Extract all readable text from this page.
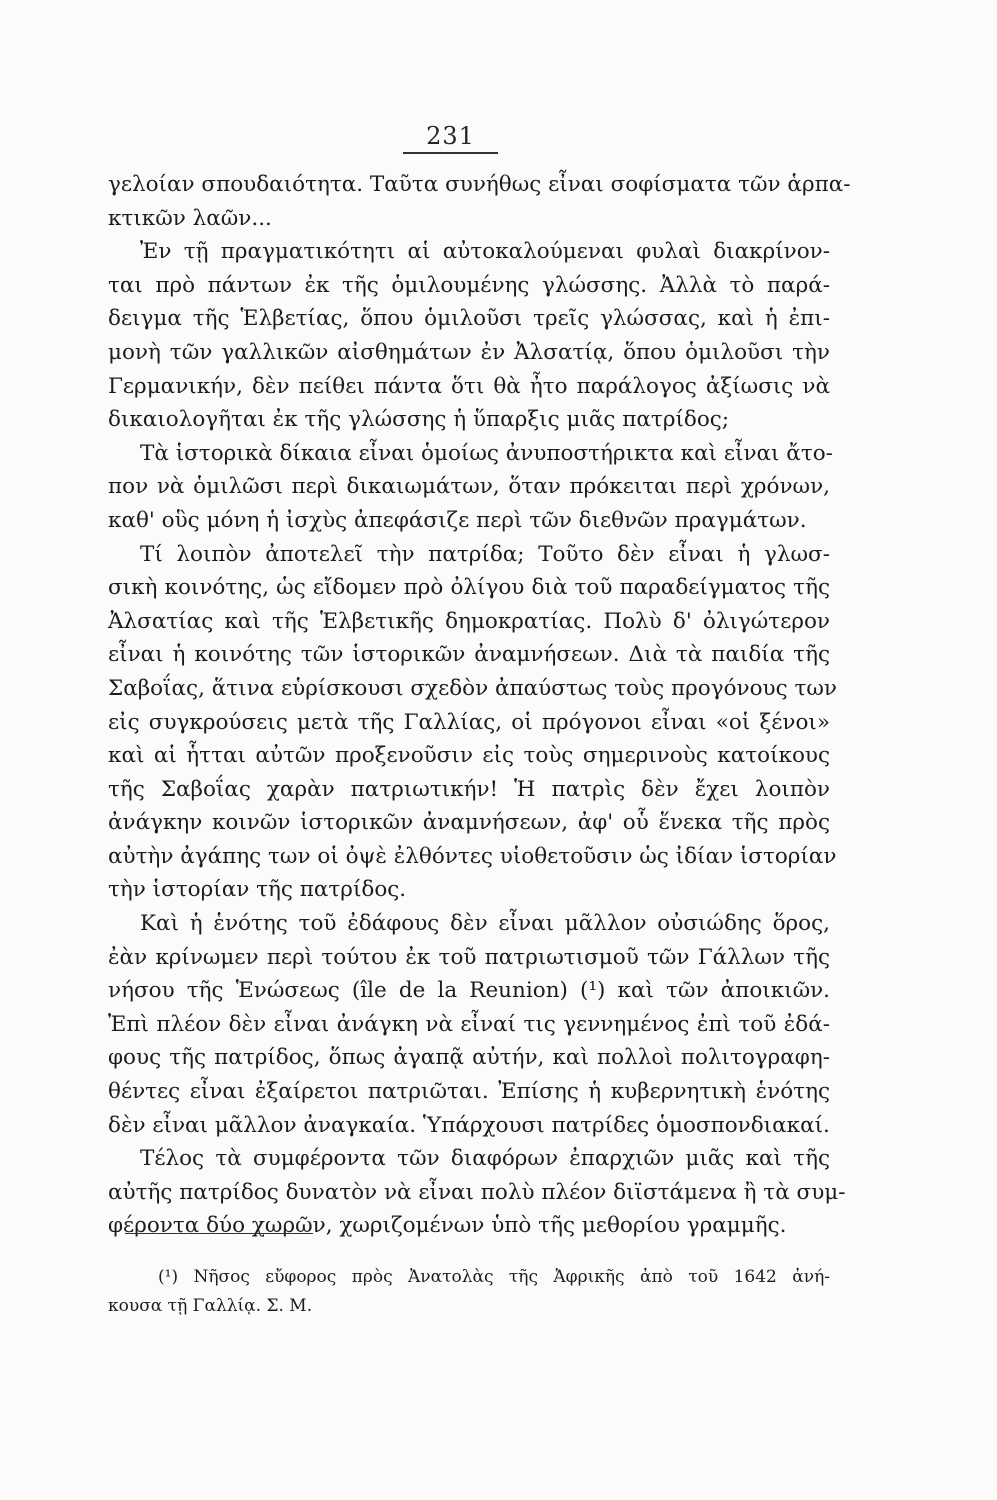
231
γελοίαν σπουδαιότητα. Ταῦτα συνήθως εἶναι σοφίσματα τῶν ἁρπα-
κτικῶν λαῶν...
Ἐν τῇ πραγματικότητι αἱ αὐτοκαλούμεναι φυλαὶ διακρίνον-
ται πρὸ πάντων ἐκ τῆς ὁμιλουμένης γλώσσης. Ἀλλὰ τὸ παρά-
δειγμα τῆς Ἑλβετίας, ὅπου ὁμιλοῦσι τρεῖς γλώσσας, καὶ ἡ ἐπι-
μονὴ τῶν γαλλικῶν αἰσθημάτων ἐν Ἀλσατίᾳ, ὅπου ὁμιλοῦσι τὴν
Γερμανικήν, δὲν πείθει πάντα ὅτι θὰ ἦτο παράλογος ἀξίωσις νὰ
δικαιολογῆται ἐκ τῆς γλώσσης ἡ ὕπαρξις μιᾶς πατρίδος;
Τὰ ἱστορικὰ δίκαια εἶναι ὁμοίως ἀνυποστήρικτα καὶ εἶναι ἄτο-
πον νὰ ὁμιλῶσι περὶ δικαιωμάτων, ὅταν πρόκειται περὶ χρόνων,
καθ' οὓς μόνη ἡ ἰσχὺς ἀπεφάσιζε περὶ τῶν διεθνῶν πραγμάτων.
Τί λοιπὸν ἀποτελεῖ τὴν πατρίδα; Τοῦτο δὲν εἶναι ἡ γλωσ-
σικὴ κοινότης, ὡς εἴδομεν πρὸ ὀλίγου διὰ τοῦ παραδείγματος τῆς
Ἀλσατίας καὶ τῆς Ἑλβετικῆς δημοκρατίας. Πολὺ δ' ὀλιγώτερον
εἶναι ἡ κοινότης τῶν ἱστορικῶν ἀναμνήσεων. Διὰ τὰ παιδία τῆς
Σαβοΐας, ἅτινα εὑρίσκουσι σχεδὸν ἀπαύστως τοὺς προγόνους των
εἰς συγκρούσεις μετὰ τῆς Γαλλίας, οἱ πρόγονοι εἶναι «οἱ ξένοι»
καὶ αἱ ἧτται αὐτῶν προξενοῦσιν εἰς τοὺς σημερινοὺς κατοίκους
τῆς Σαβοΐας χαρὰν πατριωτικήν! Ἡ πατρὶς δὲν ἔχει λοιπὸν
ἀνάγκην κοινῶν ἱστορικῶν ἀναμνήσεων, ἀφ' οὗ ἕνεκα τῆς πρὸς
αὐτὴν ἀγάπης των οἱ ὀψὲ ἐλθόντες υἱοθετοῦσιν ὡς ἰδίαν ἱστορίαν
τὴν ἱστορίαν τῆς πατρίδος.
Καὶ ἡ ἑνότης τοῦ ἐδάφους δὲν εἶναι μᾶλλον οὐσιώδης ὅρος,
ἐὰν κρίνωμεν περὶ τούτου ἐκ τοῦ πατριωτισμοῦ τῶν Γάλλων τῆς
νήσου τῆς Ἑνώσεως (île de la Reunion) (¹) καὶ τῶν ἀποικιῶν.
Ἐπὶ πλέον δὲν εἶναι ἀνάγκη νὰ εἶναί τις γεννημένος ἐπὶ τοῦ ἐδά-
φους τῆς πατρίδος, ὅπως ἀγαπᾷ αὐτήν, καὶ πολλοὶ πολιτογραφη-
θέντες εἶναι ἐξαίρετοι πατριῶται. Ἐπίσης ἡ κυβερνητικὴ ἑνότης
δὲν εἶναι μᾶλλον ἀναγκαία. Ὑπάρχουσι πατρίδες ὁμοσπονδιακαί.
Τέλος τὰ συμφέροντα τῶν διαφόρων ἐπαρχιῶν μιᾶς καὶ τῆς
αὐτῆς πατρίδος δυνατὸν νὰ εἶναι πολὺ πλέον διϊστάμενα ἢ τὰ συμ-
φέροντα δύο χωρῶν, χωριζομένων ὑπὸ τῆς μεθορίου γραμμῆς.
(¹) Νῆσος εὔφορος πρὸς Ἀνατολὰς τῆς Ἀφρικῆς ἀπὸ τοῦ 1642 ἀνή-
κουσα τῇ Γαλλίᾳ. Σ. Μ.
